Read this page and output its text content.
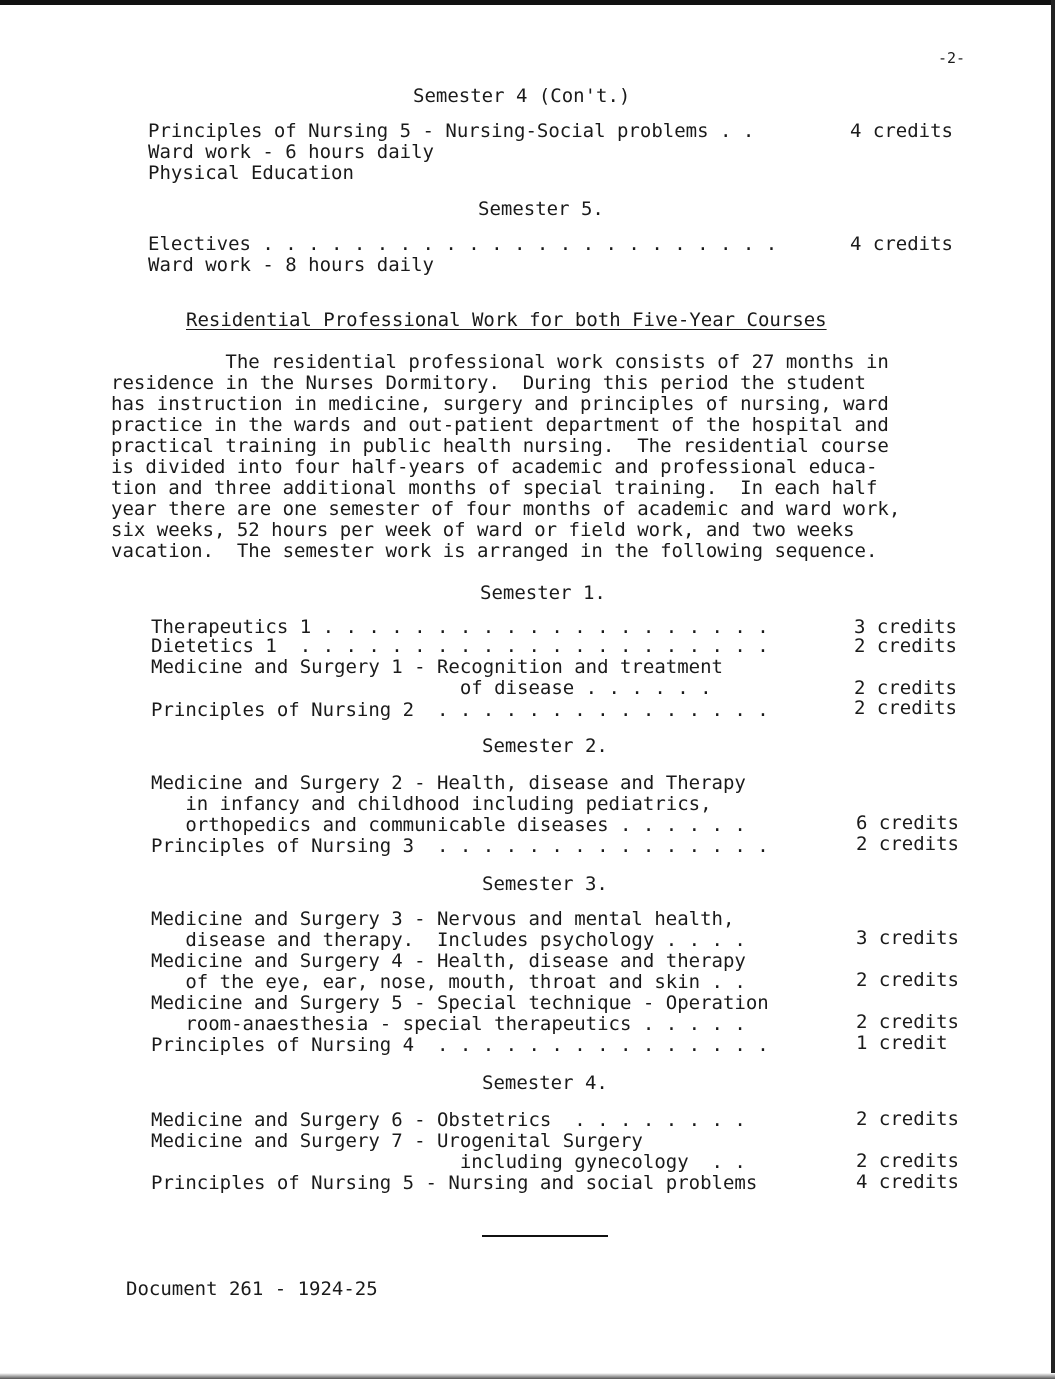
-2-
Semester 4 (Con't.)
Principles of Nursing 5 - Nursing-Social problems . .	4 credits
Ward work - 6 hours daily
Physical Education
Semester 5.
Electives . . . . . . . . . . . . . . . . . . . . . . .	4 credits
Ward work - 8 hours daily
Residential Professional Work for both Five-Year Courses
The residential professional work consists of 27 months in
residence in the Nurses Dormitory.  During this period the student
has instruction in medicine, surgery and principles of nursing, ward
practice in the wards and out-patient department of the hospital and
practical training in public health nursing.  The residential course
is divided into four half-years of academic and professional educa-
tion and three additional months of special training.  In each half
year there are one semester of four months of academic and ward work,
six weeks, 52 hours per week of ward or field work, and two weeks
vacation.  The semester work is arranged in the following sequence.
Semester 1.
Therapeutics 1 . . . . . . . . . . . . . . . . . . . .	3 credits
Dietetics 1  . . . . . . . . . . . . . . . . . . . . .	2 credits
Medicine and Surgery 1 - Recognition and treatment
of disease . . . . . .	2 credits
Principles of Nursing 2  . . . . . . . . . . . . . . .	2 credits
Semester 2.
Medicine and Surgery 2 - Health, disease and Therapy
in infancy and childhood including pediatrics,
orthopedics and communicable diseases . . . . . .	6 credits
Principles of Nursing 3  . . . . . . . . . . . . . . .	2 credits
Semester 3.
Medicine and Surgery 3 - Nervous and mental health,
disease and therapy.  Includes psychology . . . .	3 credits
Medicine and Surgery 4 - Health, disease and therapy
of the eye, ear, nose, mouth, throat and skin . .	2 credits
Medicine and Surgery 5 - Special technique - Operation
room-anaesthesia - special therapeutics . . . . .	2 credits
Principles of Nursing 4  . . . . . . . . . . . . . . .	1 credit
Semester 4.
Medicine and Surgery 6 - Obstetrics  . . . . . . . .	2 credits
Medicine and Surgery 7 - Urogenital Surgery
including gynecology  . .	2 credits
Principles of Nursing 5 - Nursing and social problems	4 credits
Document 261 - 1924-25
